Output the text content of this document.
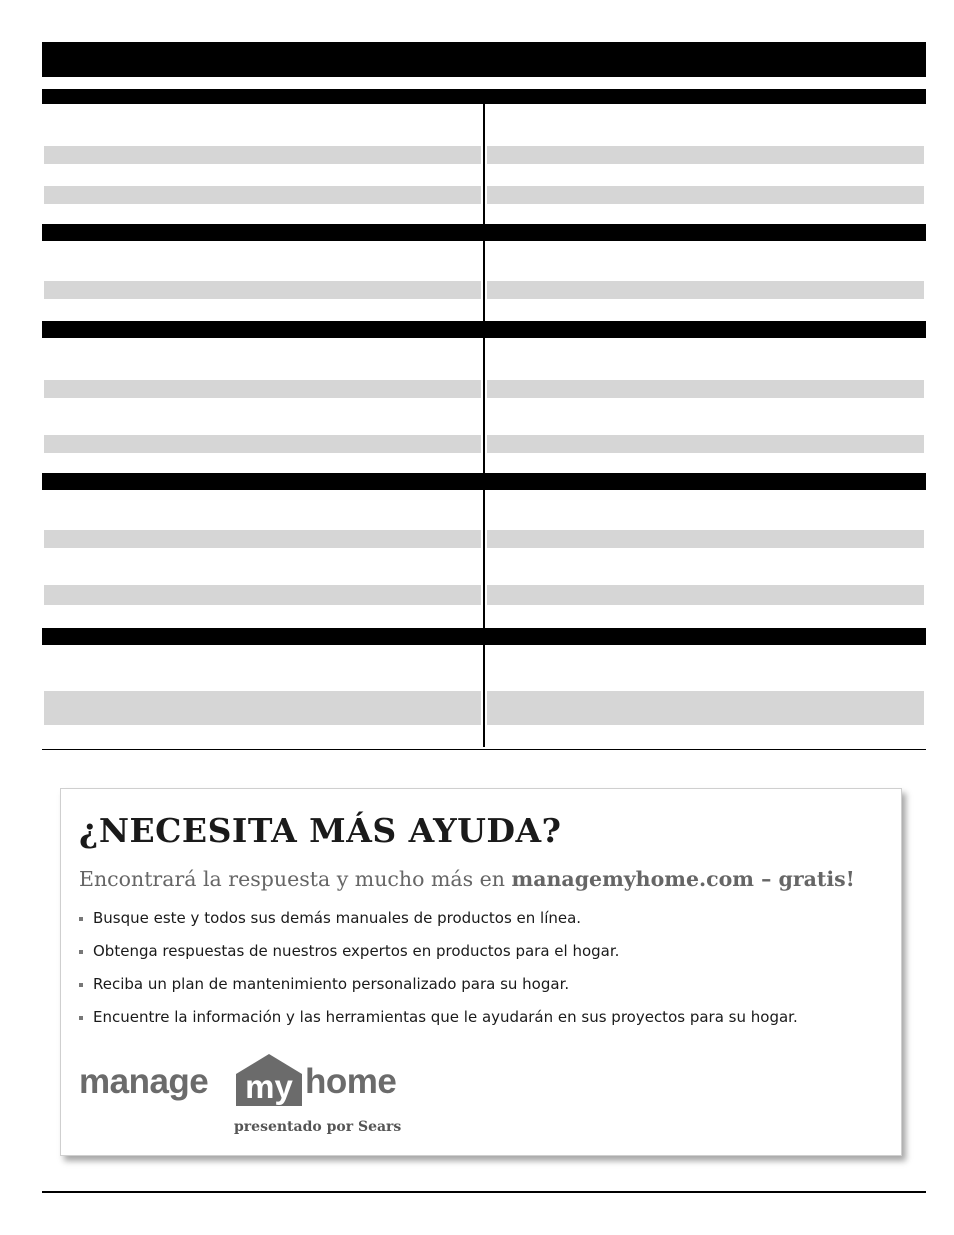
¿NECESITA MÁS AYUDA?
Encontrará la respuesta y mucho más en managemyhome.com – gratis!
Busque este y todos sus demás manuales de productos en línea.
Obtenga respuestas de nuestros expertos en productos para el hogar.
Reciba un plan de mantenimiento personalizado para su hogar.
Encuentre la información y las herramientas que le ayudarán en sus proyectos para su hogar.
manage my home
presentado por Sears
